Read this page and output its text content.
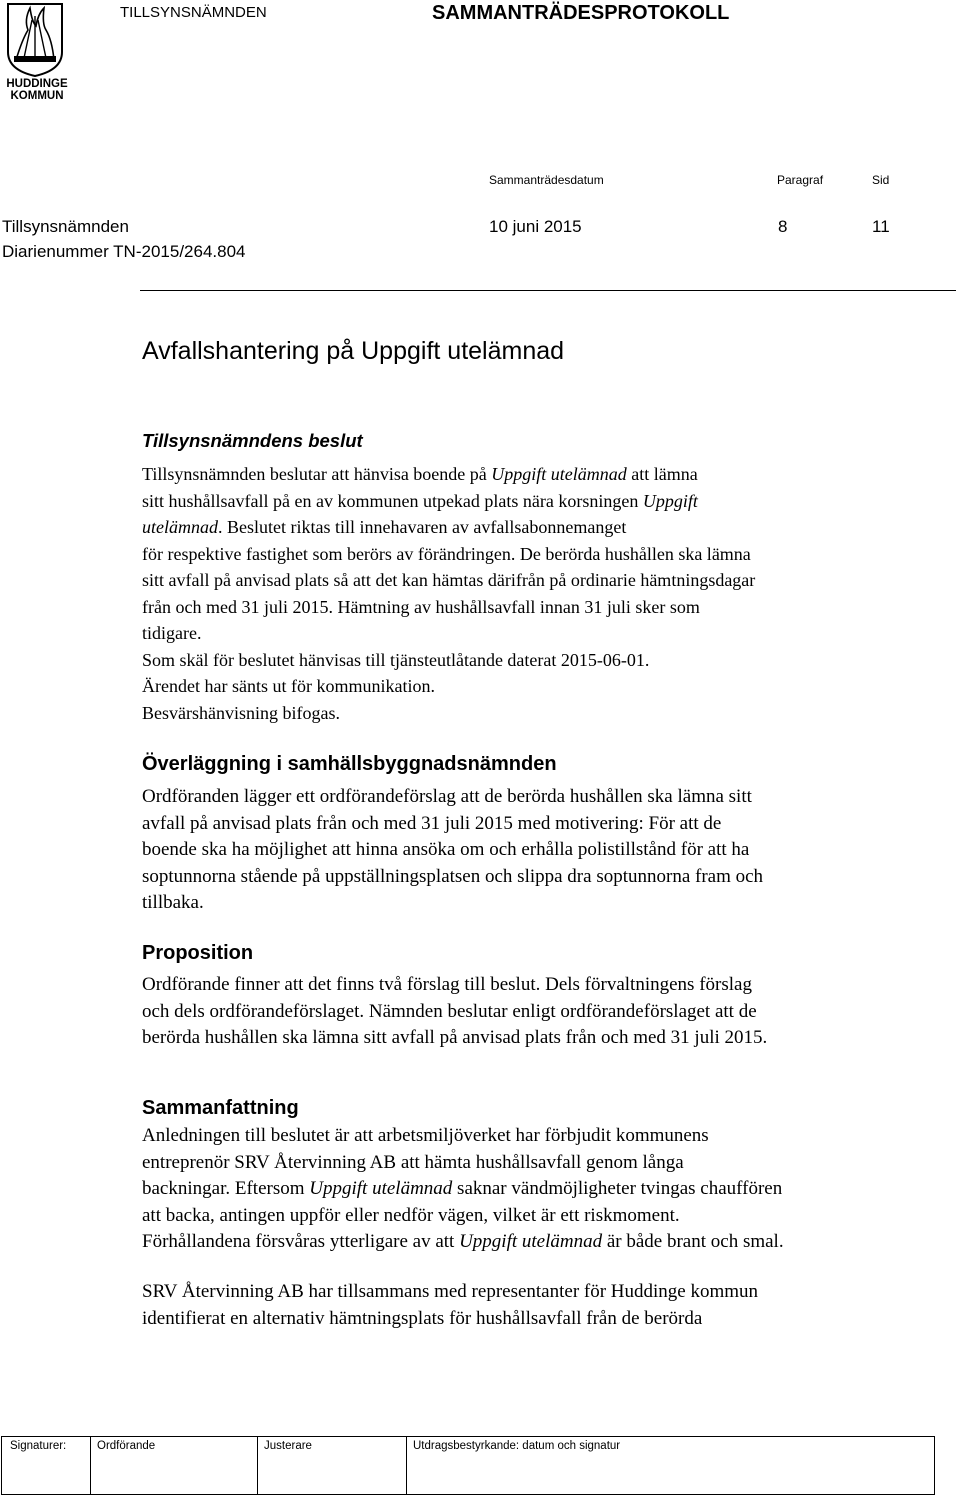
HUDDINGE
KOMMUN
TILLSYNSNÄMNDEN	SAMMANTRÄDESPROTOKOLL
Sammanträdesdatum	Paragraf	Sid
Tillsynsnämnden	10 juni 2015	8	11
Diarienummer TN-2015/264.804
Avfallshantering på Uppgift utelämnad
Tillsynsnämndens beslut
Tillsynsnämnden beslutar att hänvisa boende på Uppgift utelämnad att lämna
sitt hushållsavfall på en av kommunen utpekad plats nära korsningen Uppgift
utelämnad. Beslutet riktas till innehavaren av avfallsabonnemanget
för respektive fastighet som berörs av förändringen. De berörda hushållen ska lämna
sitt avfall på anvisad plats så att det kan hämtas därifrån på ordinarie hämtningsdagar
från och med 31 juli 2015. Hämtning av hushållsavfall innan 31 juli sker som
tidigare.
Som skäl för beslutet hänvisas till tjänsteutlåtande daterat 2015-06-01.
Ärendet har sänts ut för kommunikation.
Besvärshänvisning bifogas.
Överläggning i samhällsbyggnadsnämnden
Ordföranden lägger ett ordförandeförslag att de berörda hushållen ska lämna sitt
avfall på anvisad plats från och med 31 juli 2015 med motivering: För att de
boende ska ha möjlighet att hinna ansöka om och erhålla polistillstånd för att ha
soptunnorna stående på uppställningsplatsen och slippa dra soptunnorna fram och
tillbaka.
Proposition
Ordförande finner att det finns två förslag till beslut. Dels förvaltningens förslag
och dels ordförandeförslaget. Nämnden beslutar enligt ordförandeförslaget att de
berörda hushållen ska lämna sitt avfall på anvisad plats från och med 31 juli 2015.
Sammanfattning
Anledningen till beslutet är att arbetsmiljöverket har förbjudit kommunens
entreprenör SRV Återvinning AB att hämta hushållsavfall genom långa
backningar. Eftersom Uppgift utelämnad saknar vändmöjligheter tvingas chauffören
att backa, antingen uppför eller nedför vägen, vilket är ett riskmoment.
Förhållandena försvåras ytterligare av att Uppgift utelämnad är både brant och smal.
SRV Återvinning AB har tillsammans med representanter för Huddinge kommun
identifierat en alternativ hämtningsplats för hushållsavfall från de berörda
Signaturer:	Ordförande	Justerare	Utdragsbestyrkande: datum och signatur
